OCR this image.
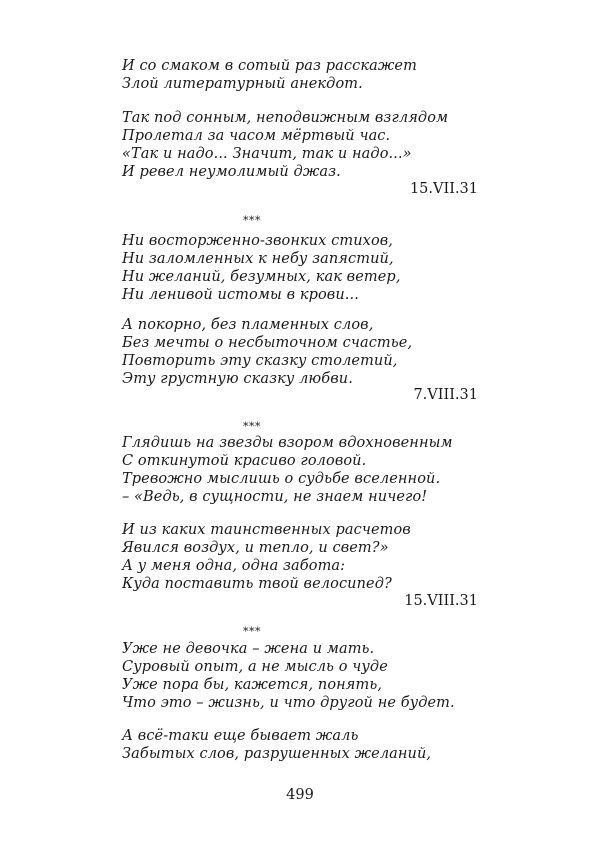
И со смаком в сотый раз расскажет
Злой литературный анекдот.
Так под сонным, неподвижным взглядом
Пролетал за часом мёртвый час.
«Так и надо... Значит, так и надо...»
И ревел неумолимый джаз.
15.VII.31
***
Ни восторженно-звонких стихов,
Ни заломленных к небу запястий,
Ни желаний, безумных, как ветер,
Ни ленивой истомы в крови...
А покорно, без пламенных слов,
Без мечты о несбыточном счастье,
Повторить эту сказку столетий,
Эту грустную сказку любви.
7.VIII.31
***
Глядишь на звезды взором вдохновенным
С откинутой красиво головой.
Тревожно мыслишь о судьбе вселенной.
– «Ведь, в сущности, не знаем ничего!
И из каких таинственных расчетов
Явился воздух, и тепло, и свет?»
А у меня одна, одна забота:
Куда поставить твой велосипед?
15.VIII.31
***
Уже не девочка – жена и мать.
Суровый опыт, а не мысль о чуде
Уже пора бы, кажется, понять,
Что это – жизнь, и что другой не будет.
А всё-таки еще бывает жаль
Забытых слов, разрушенных желаний,
499
